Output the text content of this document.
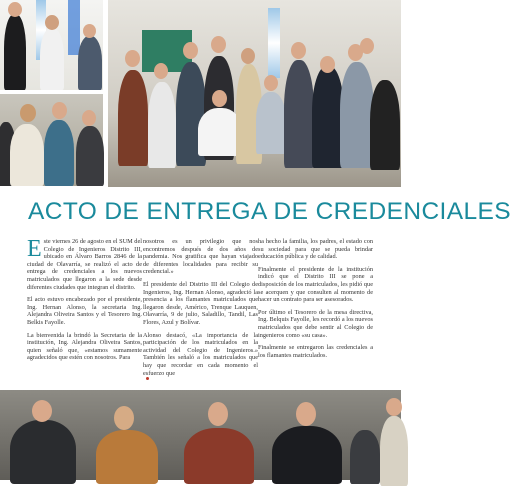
ACTO DE ENTREGA DE CREDENCIALES

Este viernes 26 de agosto en el SUM del Colegio de Ingenieros Distrito III, ubicado en Álvaro Barros 2846 de la ciudad de Olavarría, se realizó el acto de entrega de credenciales a los nuevos matriculados que llegaron a la sede desde diferentes ciudades que integran el distrito.

El acto estuvo encabezado por el presidente, Ing. Hernan Alonso, la secretaria Ing. Alejandra Oliveira Santos y el Tesorero Ing. Belkis Fayolle.

La bienvenida la brindó la Secretaria de la institución, Ing. Alejandra Oliveira Santos, quien señaló que, «estamos sumamente agradecidos que estén con nosotros. Para

nosotros es un privilegio que nos encontremos después de dos años de pandemia. Nos gratifica que hayan viajado de diferentes localidades para recibir su credencial.»

El presidente del Distrito III del Colegio de Ingenieros, Ing. Hernan Alonso, agradeció la presencia a los flamantes matriculados que llegaron desde, Américo, Trenque Lauquen, Olavarría, 9 de julio, Saladillo, Tandil, Las Flores, Azul y Bolívar.

Alonso destacó, «La importancia de la participación de los matriculados en la actividad del Colegio de Ingenieros.» También les señaló a los matriculados que hay que recordar en cada momento el esfuerzo que

ha hecho la familia, los padres, el estado con su sociedad para que se pueda brindar educación pública y de calidad.

Finalmente el presidente de la institución indicó que el Distrito III se pone a disposición de los matriculados, les pidió que se acerquen y que consulten al momento de hacer un contrato para ser asesorados.

Por último el Tesorero de la mesa directiva, Ing. Belquis Fayolle, les recordó a los nuevos matriculados que debe sentir al Colegio de ingenieros como «su casa».

Finalmente se entregaron las credenciales a los flamantes matriculados.
